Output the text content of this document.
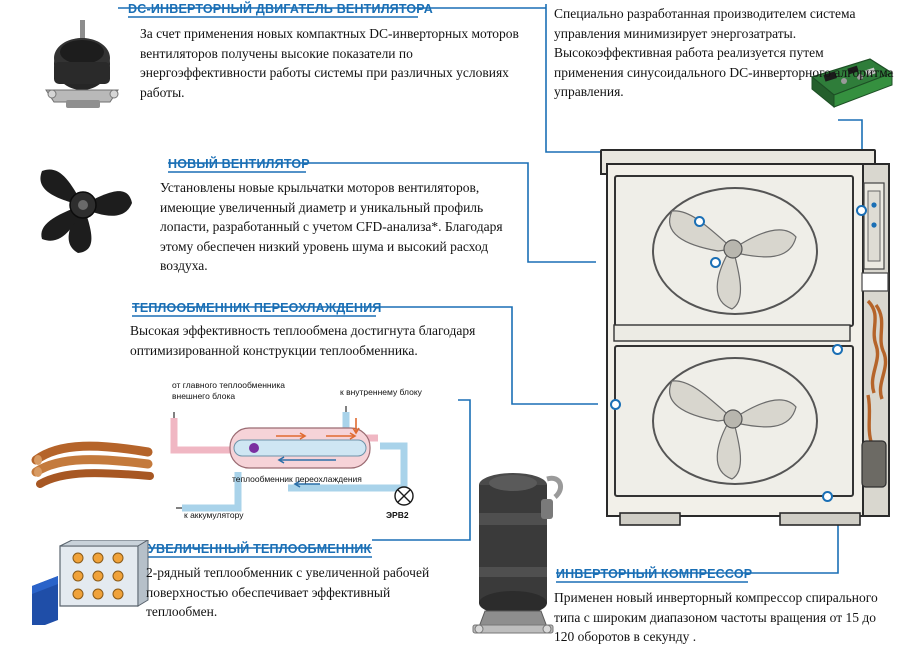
от главного теплообменника
внешнего блока	к внутреннему блоку
теплообменник переохлаждения
к аккумулятору	ЭРВ2
DC-ИНВЕРТОРНЫЙ ДВИГАТЕЛЬ ВЕНТИЛЯТОРА
За счет применения новых компактных DC-инверторных моторов вентиляторов получены высокие показатели по энергоэффективности работы системы при различных условиях работы.
НОВЫЙ ВЕНТИЛЯТОР
Установлены новые крыльчатки моторов вентиляторов, имеющие увеличенный диаметр и уникальный профиль лопасти, разработанный с учетом CFD-анализа*. Благодаря этому обеспечен низкий уровень шума и высокий расход воздуха.
ТЕПЛООБМЕННИК ПЕРЕОХЛАЖДЕНИЯ
Высокая эффективность теплообмена достигнута благодаря оптимизированной конструкции теплообменника.
УВЕЛИЧЕННЫЙ ТЕПЛООБМЕННИК
2-рядный теплообменник с увеличенной рабочей поверхностью обеспечивает эффективный теплообмен.
ИНВЕРТОРНЫЙ КОМПРЕССОР
Применен новый инверторный компрессор спирального типа с широким диапазоном частоты вращения от 15 до 120 оборотов в секунду .
Специально разработанная производителем система управления минимизирует энергозатраты. Высокоэффективная работа реализуется путем применения синусоидального DC-инверторного алгоритма управления.
